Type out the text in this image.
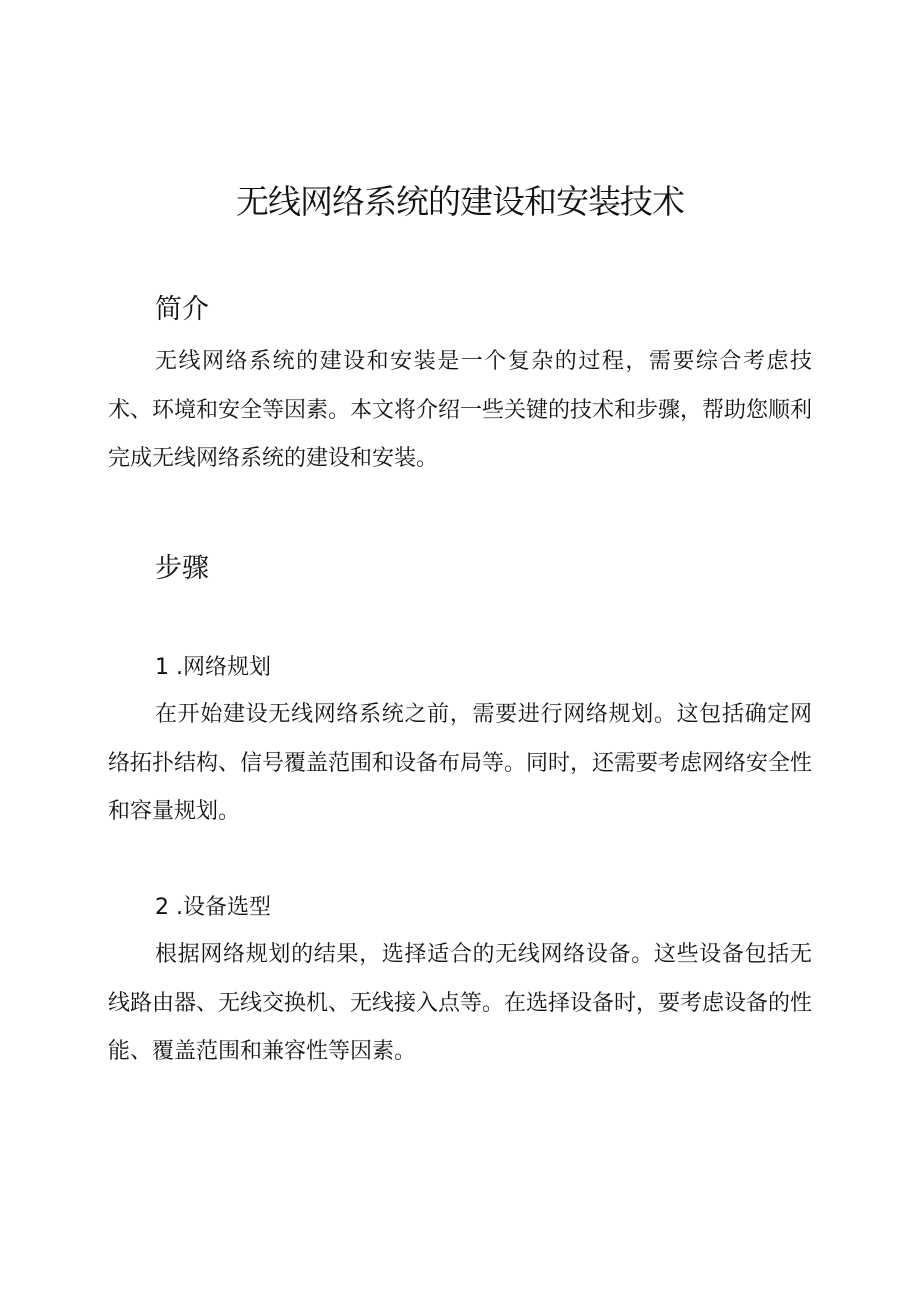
无线网络系统的建设和安装技术
简介

无线网络系统的建设和安装是一个复杂的过程，需要综合考虑技术、环境和安全等因素。本文将介绍一些关键的技术和步骤，帮助您顺利完成无线网络系统的建设和安装。

步骤
1 .网络规划

在开始建设无线网络系统之前，需要进行网络规划。这包括确定网络拓扑结构、信号覆盖范围和设备布局等。同时，还需要考虑网络安全性和容量规划。

2 .设备选型

根据网络规划的结果，选择适合的无线网络设备。这些设备包括无线路由器、无线交换机、无线接入点等。在选择设备时，要考虑设备的性能、覆盖范围和兼容性等因素。
